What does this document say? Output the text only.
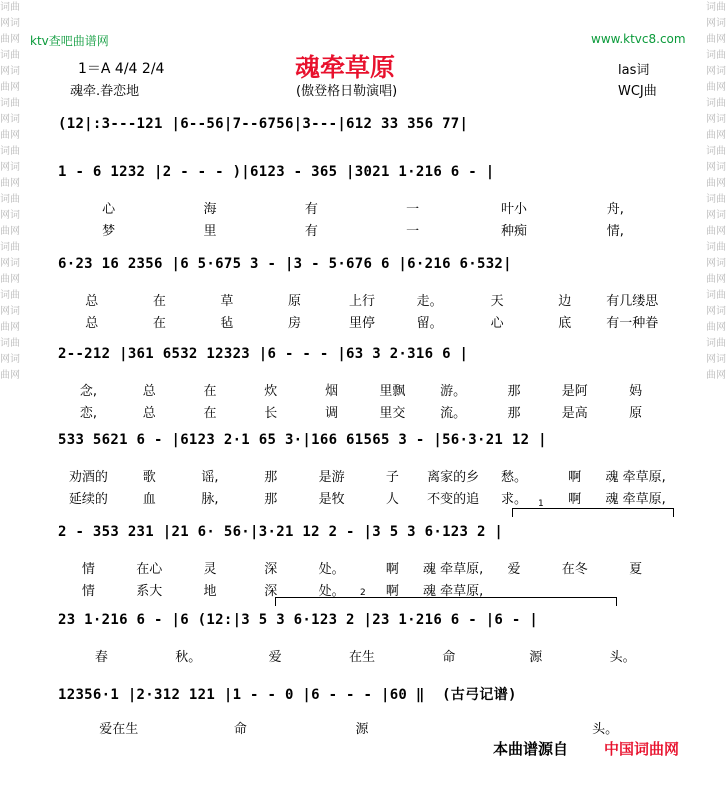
词曲网词曲网词曲网词曲网词曲网词曲网词曲网词曲网词曲网词曲网词曲网词曲网词曲网词曲网词曲网词曲网
词曲网词曲网词曲网词曲网词曲网词曲网词曲网词曲网词曲网词曲网词曲网词曲网词曲网词曲网词曲网词曲网
ktv查吧曲谱网	www.ktvc8.com
魂牵草原
(傲登格日勒演唱)
1＝A 4/4 2/4
魂牵.眷恋地
las词
WCJ曲
(12|:3---121 |6--56|7--6756|3---|612 33 356 77|
1 - 6 1232 |2 - - - )|6123 - 365 |3021 1·216 6 - |
心	海	有	一	叶小	舟,
梦	里	有	一	种痴	情,
6·23 16 2356 |6 5·675 3 - |3 - 5·676 6 |6·216 6·532|
总	在	草	原	上行	走。	天	边	有几缕思
总	在	毡	房	里停	留。	心	底	有一种眷
2--212 |361 6532 12323 |6 - - - |63 3 2·316 6 |
念,	总	在	炊	烟	里飘	游。	那	是阿	妈
恋,	总	在	长	调	里交	流。	那	是高	原
533 5621 6 - |6123 2·1 65 3·|166 61565 3 - |56·3·21 12 |
劝酒的	歌	谣,	那	是游	子	离家的乡	愁。	啊	魂 牵草原,
延续的	血	脉,	那	是牧	人	不变的追	求。	啊	魂 牵草原,
2 - 353 231 |21 6· 56·|3·21 12 2 - |3 5 3 6·123 2 |
情	在心	灵	深	处。	啊	魂 牵草原,	爱	在冬	夏
情	系大	地	深	处。	啊	魂 牵草原,
23 1·216 6 - |6 (12:|3 5 3 6·123 2 |23 1·216 6 - |6 - |
春	秋。	爱	在生	命	源	头。
12356·1 |2·312 121 |1 - - 0 |6 - - - |60 ‖  (古弓记谱)
爱在生	命	源	头。
1
2
本曲谱源自 中国词曲网
